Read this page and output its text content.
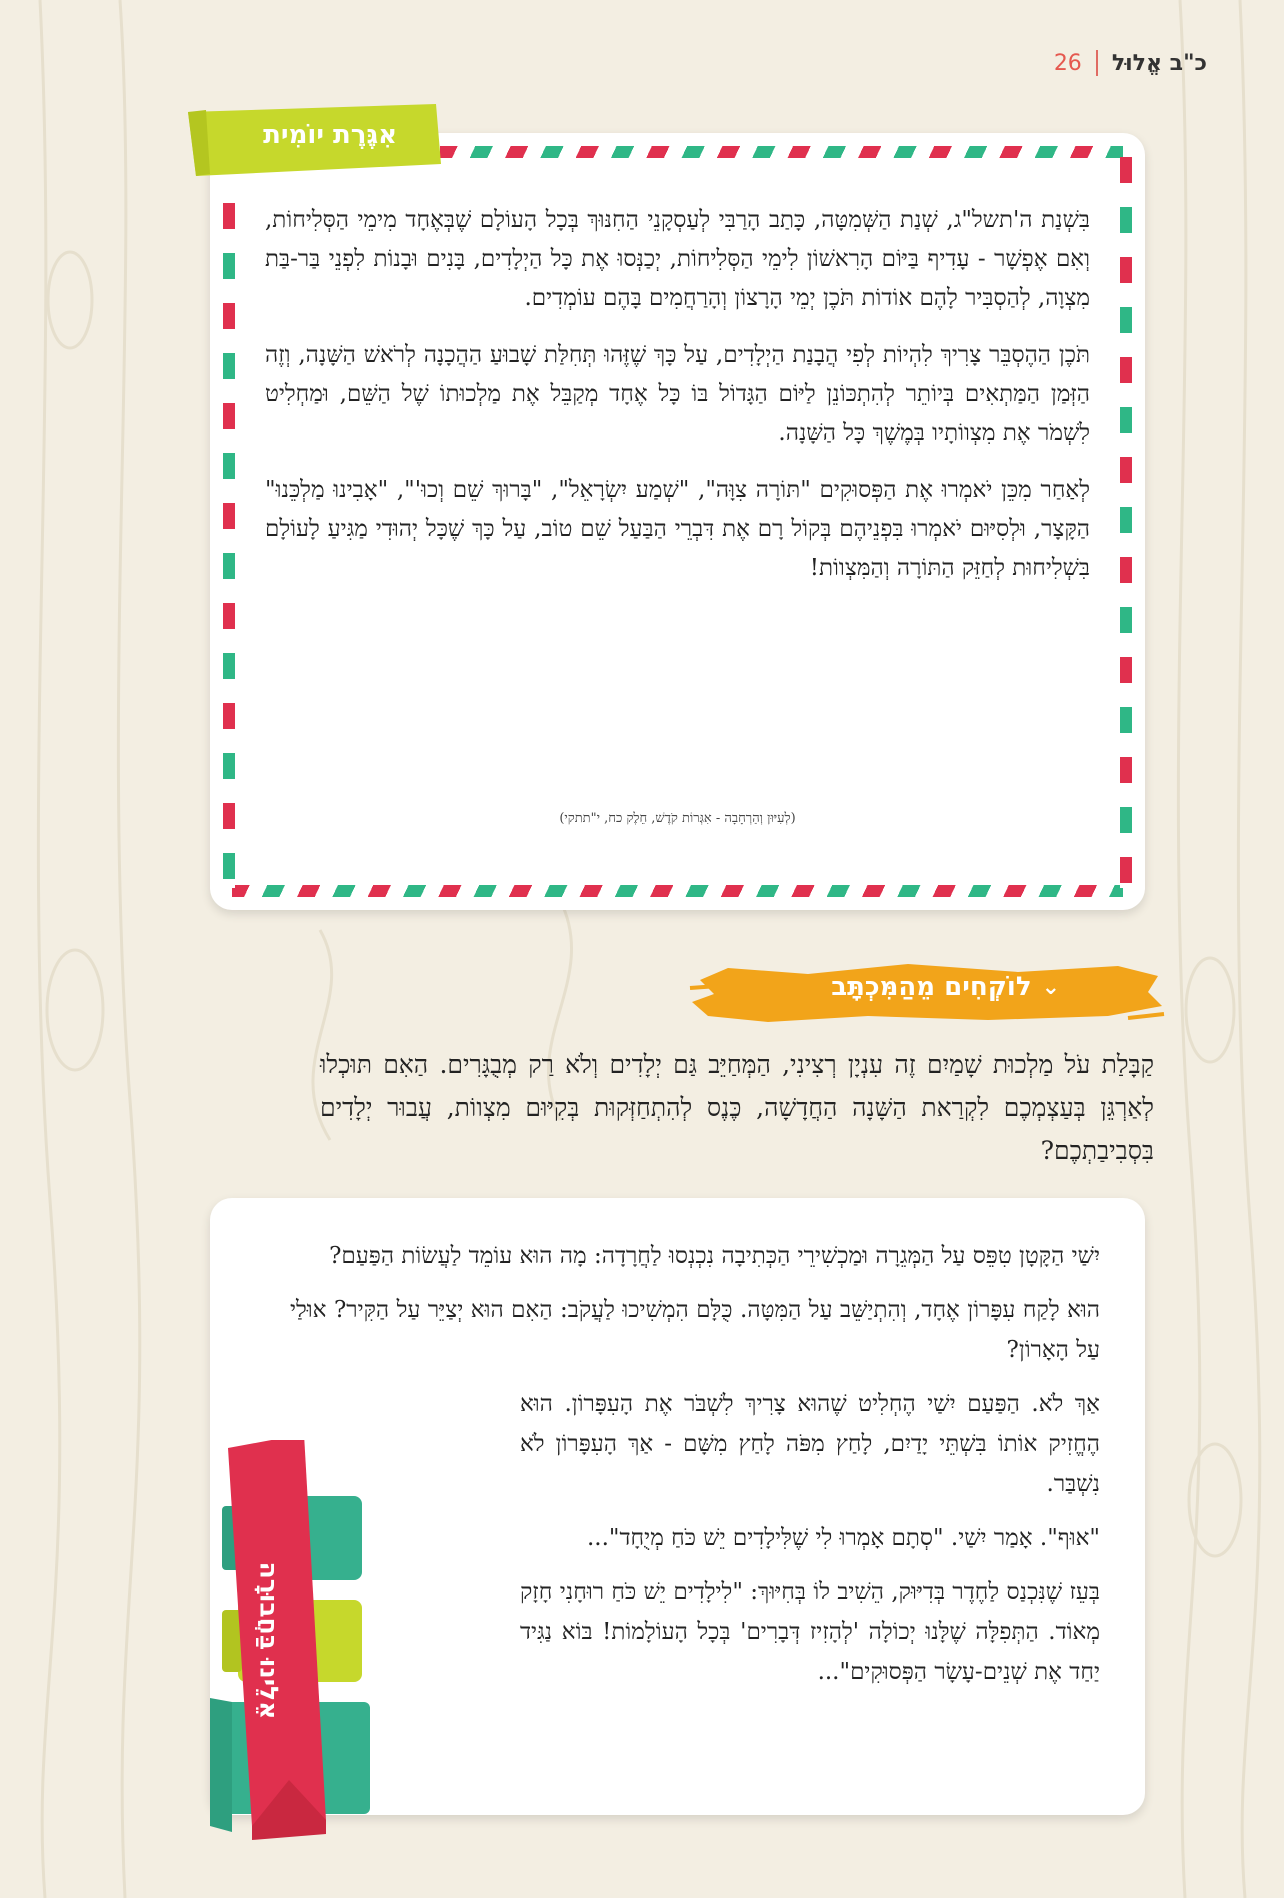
כ"ב אֱלוּל
26

בִּשְׁנַת ה'תשל"ג, שְׁנַת הַשְּׁמִטָּה, כָּתַב הָרַבִּי לְעַסְקָנֵי הַחִנּוּךְ בְּכָל הָעוֹלָם שֶׁבְּאֶחָד מִימֵי הַסְּלִיחוֹת, וְאִם אֶפְשָׁר - עָדִיף בַּיּוֹם הָרִאשׁוֹן לִימֵי הַסְּלִיחוֹת, יְכַנְּסוּ אֶת כָּל הַיְלָדִים, בָּנִים וּבָנוֹת לִפְנֵי בַּר-בַּת מִצְוָה, לְהַסְבִּיר לָהֶם אוֹדוֹת תֹּכֶן יְמֵי הָרָצוֹן וְהָרַחֲמִים בָּהֶם עוֹמְדִים.

תֹּכֶן הַהֶסְבֵּר צָרִיךְ לִהְיוֹת לְפִי הֲבָנַת הַיְלָדִים, עַל כָּךְ שֶׁזֶּהוּ תְּחִלַּת שָׁבוּעַ הַהֲכָנָה לְרֹאשׁ הַשָּׁנָה, וְזֶה הַזְּמַן הַמַּתְאִים בְּיוֹתֵר לְהִתְכּוֹנֵן לַיּוֹם הַגָּדוֹל בּוֹ כָּל אֶחָד מְקַבֵּל אֶת מַלְכוּתוֹ שֶׁל הַשֵּׁם, וּמַחְלִיט לִשְׁמֹר אֶת מִצְווֹתָיו בְּמֶשֶׁךְ כָּל הַשָּׁנָה.

לְאַחַר מִכֵּן יֹאמְרוּ אֶת הַפְּסוּקִים "תּוֹרָה צִוָּה", "שְׁמַע יִשְׂרָאֵל", "בָּרוּךְ שֵׁם וְכוּ'", "אָבִינוּ מַלְכֵּנוּ" הַקָּצָר, וּלְסִיּוּם יֹאמְרוּ בִּפְנֵיהֶם בְּקוֹל רָם אֶת דִּבְרֵי הַבַּעַל שֵׁם טוֹב, עַל כָּךְ שֶׁכָּל יְהוּדִי מַגִּיעַ לָעוֹלָם בִּשְׁלִיחוּת לְחַזֵּק הַתּוֹרָה וְהַמִּצְווֹת!

(לְעִיּוּן וְהַרְחָבָה - אִגְּרוֹת קֹדֶשׁ, חֵלֶק כח, י"תתקי)
אִגֶּרֶת יוֹמִית
⌄
לוֹקְחִים מֵהַמִּכְתָּב
קַבָּלַת עֹל מַלְכוּת שָׁמַיִם זֶה עִנְיָן רְצִינִי, הַמְּחַיֵּב גַּם יְלָדִים וְלֹא רַק מְבֻגָּרִים. הַאִם תּוּכְלוּ לְאַרְגֵּן בְּעַצְמְכֶם לִקְרַאת הַשָּׁנָה הַחֲדָשָׁה, כֶּנֶס לְהִתְחַזְּקוּת בְּקִיּוּם מִצְווֹת, עֲבוּר יְלָדִים בִּסְבִיבַתְכֶם?

יִשַׁי הַקָּטָן טִפֵּס עַל הַמְּגֵרָה וּמַכְשִׁירֵי הַכְּתִיבָה נִכְנְסוּ לַחֲרָדָה: מָה הוּא עוֹמֵד לַעֲשׂוֹת הַפַּעַם?

הוּא לָקַח עִפָּרוֹן אֶחָד, וְהִתְיַשֵּׁב עַל הַמִּטָּה. כֻּלָּם הִמְשִׁיכוּ לַעֲקֹב: הַאִם הוּא יְצַיֵּר עַל הַקִּיר? אוּלַי עַל הָאָרוֹן?

אַךְ לֹא. הַפַּעַם יִשַׁי הֶחְלִיט שֶׁהוּא צָרִיךְ לִשְׁבֹּר אֶת הָעִפָּרוֹן. הוּא הֶחֱזִיק אוֹתוֹ בִּשְׁתֵּי יָדַיִם, לָחַץ מִפֹּה לָחַץ מִשָּׁם - אַךְ הָעִפָּרוֹן לֹא נִשְׁבַּר.

"אוּף". אָמַר יִשַׁי. "סְתָם אָמְרוּ לִי שֶׁלִּילָדִים יֵשׁ כֹּחַ מְיֻחָד"...

בְּעֵז שֶׁנִּכְנַס לַחֶדֶר בְּדִיּוּק, הֵשִׁיב לוֹ בְּחִיּוּךְ: "לִילָדִים יֵשׁ כֹּחַ רוּחָנִי חָזָק מְאוֹד. הַתְּפִלָּה שֶׁלָּנוּ יְכוֹלָה 'לְהָזִיז דְּבָרִים' בְּכָל הָעוֹלָמוֹת! בּוֹא נַגִּיד יַחַד אֶת שְׁנֵים-עָשָׂר הַפְּסוּקִים"...

אֵלֵינוּ בַּחֲבוּרָה
